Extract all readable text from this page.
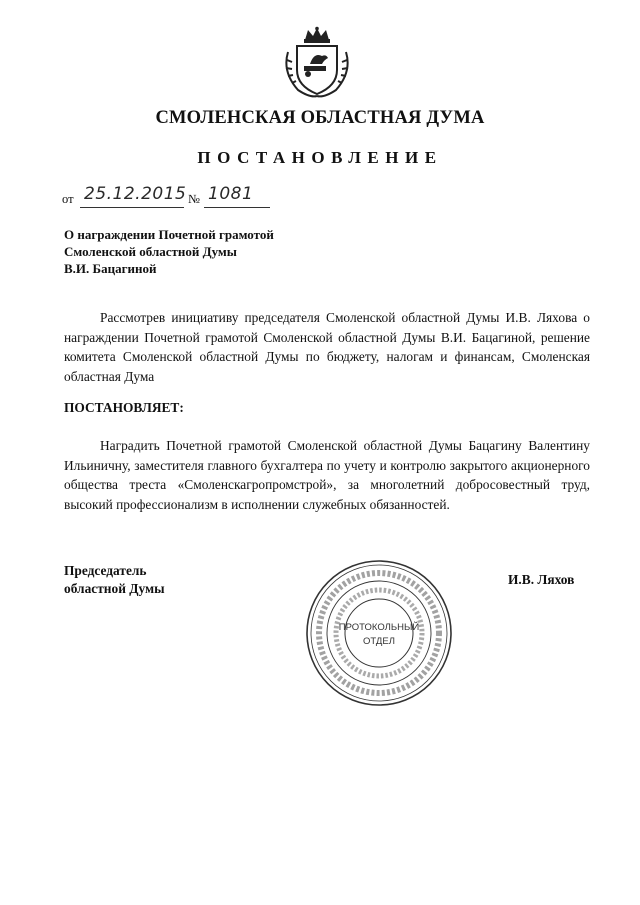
СМОЛЕНСКАЯ ОБЛАСТНАЯ ДУМА
ПОСТАНОВЛЕНИЕ
от 25.12.2015 № 1081
О награждении Почетной грамотой
Смоленской областной Думы
В.И. Бацагиной

Рассмотрев инициативу председателя Смоленской областной Думы И.В. Ляхова о награждении Почетной грамотой Смоленской областной Думы В.И. Бацагиной, решение комитета Смоленской областной Думы по бюджету, налогам и финансам, Смоленская областная Дума

ПОСТАНОВЛЯЕТ:

Наградить Почетной грамотой Смоленской областной Думы Бацагину Валентину Ильиничну, заместителя главного бухгалтера по учету и контролю закрытого акционерного общества треста «Смоленскагропромстрой», за многолетний добросовестный труд, высокий профессионализм в исполнении служебных обязанностей.

Председатель
областной Думы
И.В. Ляхов
ПРОТОКОЛЬНЫЙ
ОТДЕЛ
